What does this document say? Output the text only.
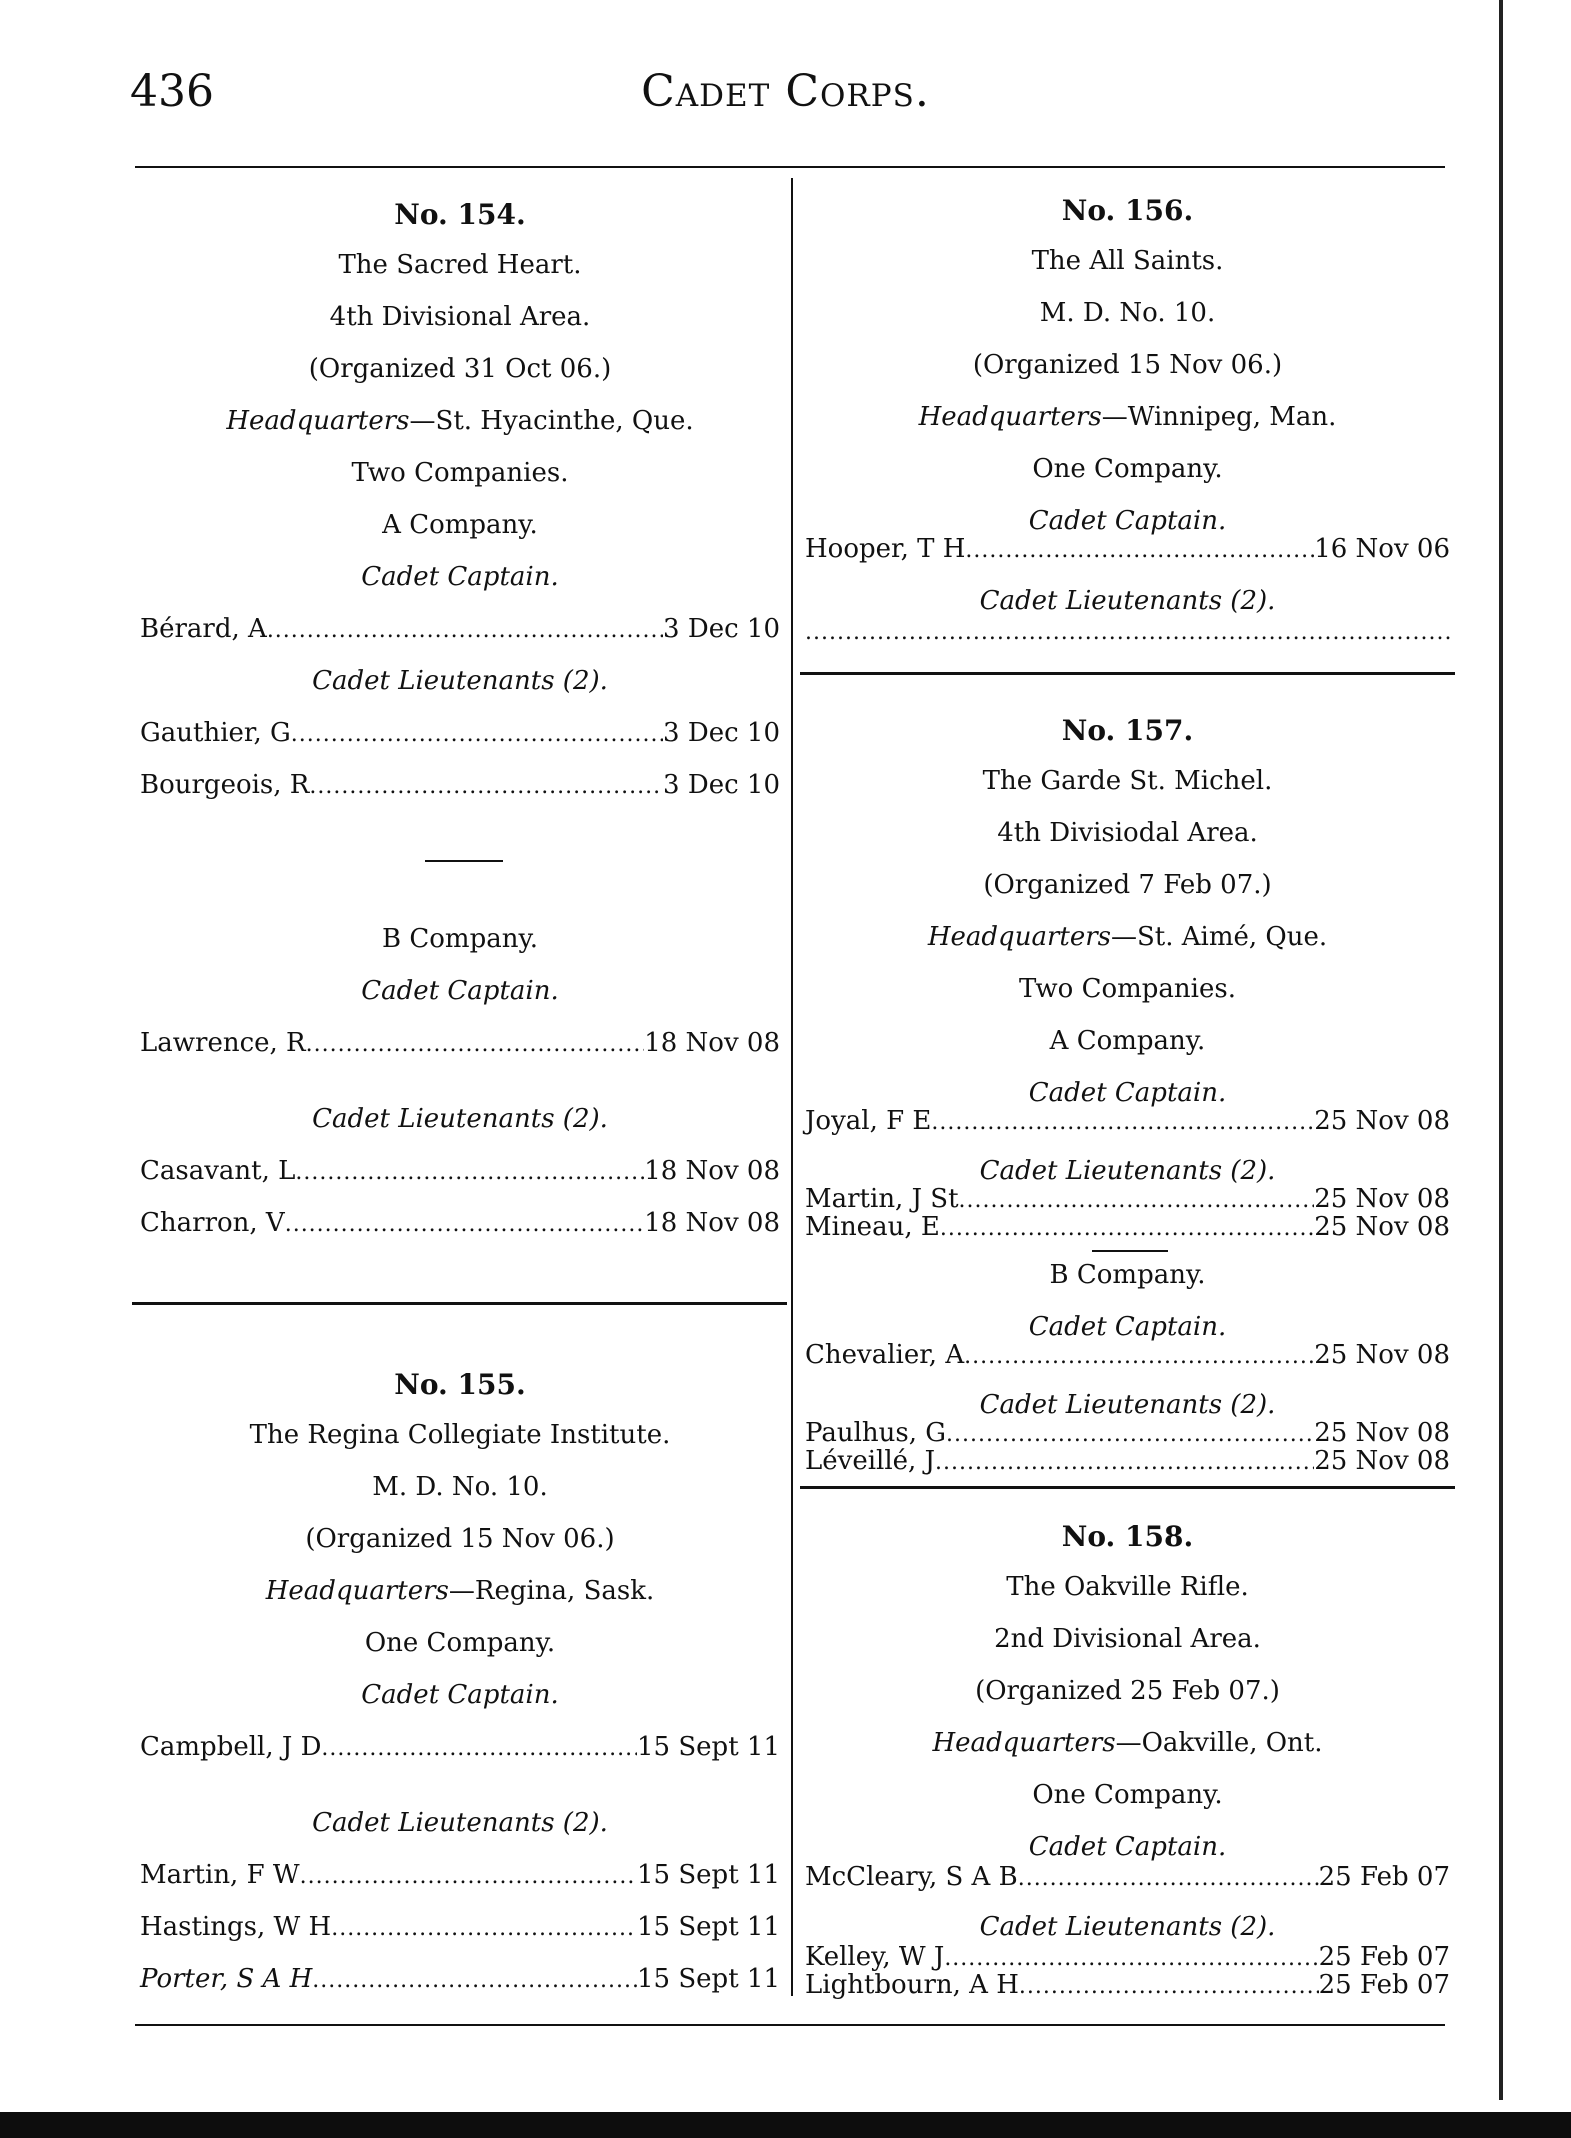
436	Cadet Corps.
No. 154.
The Sacred Heart.
4th Divisional Area.
(Organized 31 Oct 06.)
Headquarters—St. Hyacinthe, Que.
Two Companies.
A Company.
Cadet Captain.
Bérard, A .....	3 Dec 10
Cadet Lieutenants (2).
Gauthier, G .....	3 Dec 10
Bourgeois, R .....	3 Dec 10
B Company.
Cadet Captain.
Lawrence, R .....	18 Nov 08
Cadet Lieutenants (2).
Casavant, L .....	18 Nov 08
Charron, V .....	18 Nov 08
No. 155.
The Regina Collegiate Institute.
M. D. No. 10.
(Organized 15 Nov 06.)
Headquarters—Regina, Sask.
One Company.
Cadet Captain.
Campbell, J D .....	15 Sept 11
Cadet Lieutenants (2).
Martin, F W .....	15 Sept 11
Hastings, W H .....	15 Sept 11
Porter, S A H .....	15 Sept 11
No. 156.
The All Saints.
M. D. No. 10.
(Organized 15 Nov 06.)
Headquarters—Winnipeg, Man.
One Company.
Cadet Captain.
Hooper, T H .....	16 Nov 06
Cadet Lieutenants (2).
.....
No. 157.
The Garde St. Michel.
4th Divisiodal Area.
(Organized 7 Feb 07.)
Headquarters—St. Aimé, Que.
Two Companies.
A Company.
Cadet Captain.
Joyal, F E .....	25 Nov 08
Cadet Lieutenants (2).
Martin, J St .....	25 Nov 08
Mineau, E .....	25 Nov 08
B Company.
Cadet Captain.
Chevalier, A .....	25 Nov 08
Cadet Lieutenants (2).
Paulhus, G .....	25 Nov 08
Léveillé, J .....	25 Nov 08
No. 158.
The Oakville Rifle.
2nd Divisional Area.
(Organized 25 Feb 07.)
Headquarters—Oakville, Ont.
One Company.
Cadet Captain.
McCleary, S A B .....	25 Feb 07
Cadet Lieutenants (2).
Kelley, W J .....	25 Feb 07
Lightbourn, A H .....	25 Feb 07
